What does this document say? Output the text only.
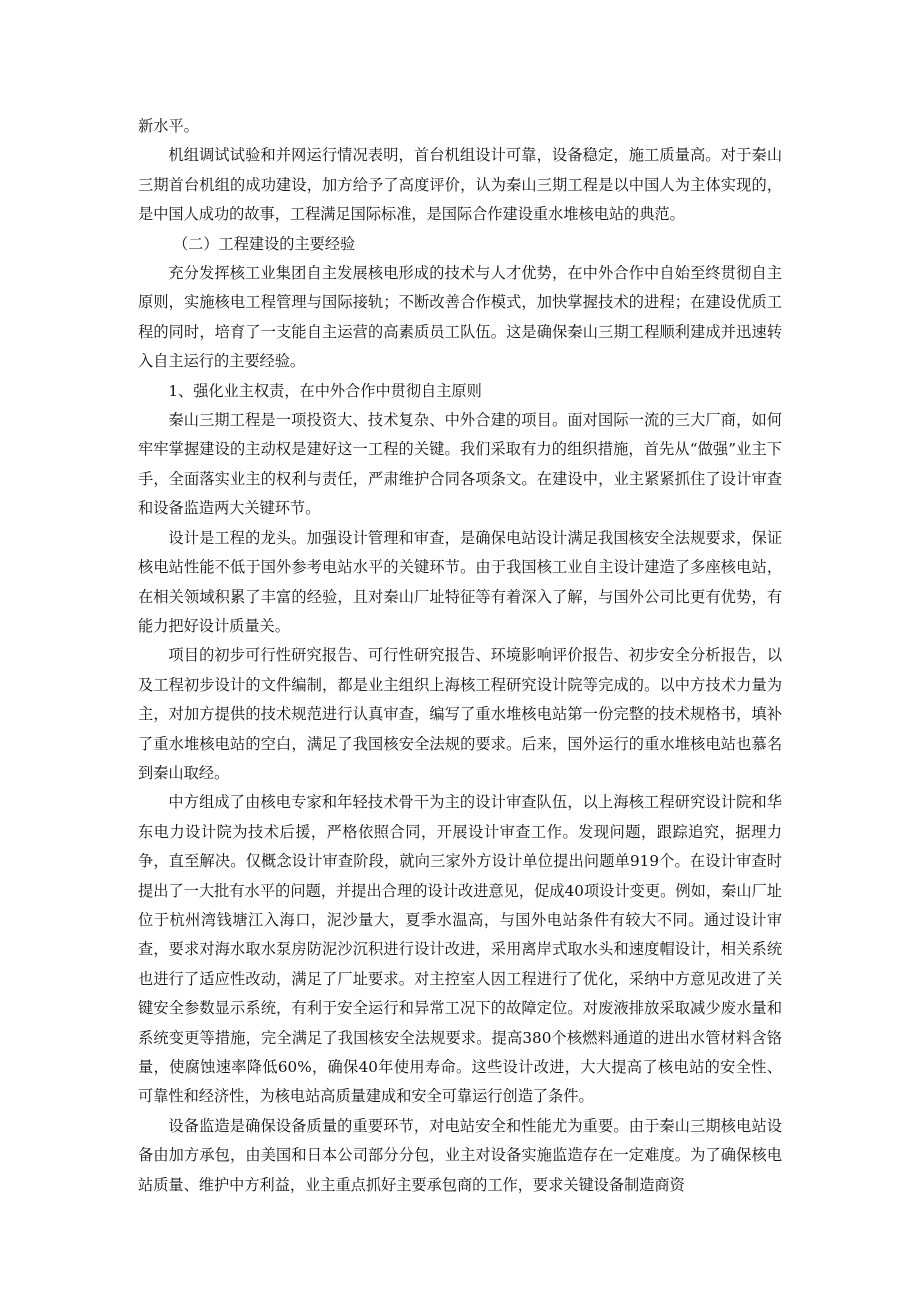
新水平。

机组调试试验和并网运行情况表明，首台机组设计可靠，设备稳定，施工质量高。对于秦山三期首台机组的成功建设，加方给予了高度评价，认为秦山三期工程是以中国人为主体实现的，是中国人成功的故事，工程满足国际标准，是国际合作建设重水堆核电站的典范。

（二）工程建设的主要经验

充分发挥核工业集团自主发展核电形成的技术与人才优势，在中外合作中自始至终贯彻自主原则，实施核电工程管理与国际接轨；不断改善合作模式，加快掌握技术的进程；在建设优质工程的同时，培育了一支能自主运营的高素质员工队伍。这是确保秦山三期工程顺利建成并迅速转入自主运行的主要经验。

1、强化业主权责，在中外合作中贯彻自主原则

秦山三期工程是一项投资大、技术复杂、中外合建的项目。面对国际一流的三大厂商，如何牢牢掌握建设的主动权是建好这一工程的关键。我们采取有力的组织措施，首先从“做强”业主下手，全面落实业主的权利与责任，严肃维护合同各项条文。在建设中，业主紧紧抓住了设计审查和设备监造两大关键环节。

设计是工程的龙头。加强设计管理和审查，是确保电站设计满足我国核安全法规要求，保证核电站性能不低于国外参考电站水平的关键环节。由于我国核工业自主设计建造了多座核电站，在相关领域积累了丰富的经验，且对秦山厂址特征等有着深入了解，与国外公司比更有优势，有能力把好设计质量关。

项目的初步可行性研究报告、可行性研究报告、环境影响评价报告、初步安全分析报告，以及工程初步设计的文件编制，都是业主组织上海核工程研究设计院等完成的。以中方技术力量为主，对加方提供的技术规范进行认真审查，编写了重水堆核电站第一份完整的技术规格书，填补了重水堆核电站的空白，满足了我国核安全法规的要求。后来，国外运行的重水堆核电站也慕名到秦山取经。

中方组成了由核电专家和年轻技术骨干为主的设计审查队伍，以上海核工程研究设计院和华东电力设计院为技术后援，严格依照合同，开展设计审查工作。发现问题，跟踪追究，据理力争，直至解决。仅概念设计审查阶段，就向三家外方设计单位提出问题单919个。在设计审查时提出了一大批有水平的问题，并提出合理的设计改进意见，促成40项设计变更。例如，秦山厂址位于杭州湾钱塘江入海口，泥沙量大，夏季水温高，与国外电站条件有较大不同。通过设计审查，要求对海水取水泵房防泥沙沉积进行设计改进，采用离岸式取水头和速度帽设计，相关系统也进行了适应性改动，满足了厂址要求。对主控室人因工程进行了优化，采纳中方意见改进了关键安全参数显示系统，有利于安全运行和异常工况下的故障定位。对废液排放采取减少废水量和系统变更等措施，完全满足了我国核安全法规要求。提高380个核燃料通道的进出水管材料含铬量，使腐蚀速率降低60%，确保40年使用寿命。这些设计改进，大大提高了核电站的安全性、可靠性和经济性，为核电站高质量建成和安全可靠运行创造了条件。

设备监造是确保设备质量的重要环节，对电站安全和性能尤为重要。由于秦山三期核电站设备由加方承包，由美国和日本公司部分分包，业主对设备实施监造存在一定难度。为了确保核电站质量、维护中方利益，业主重点抓好主要承包商的工作，要求关键设备制造商资
